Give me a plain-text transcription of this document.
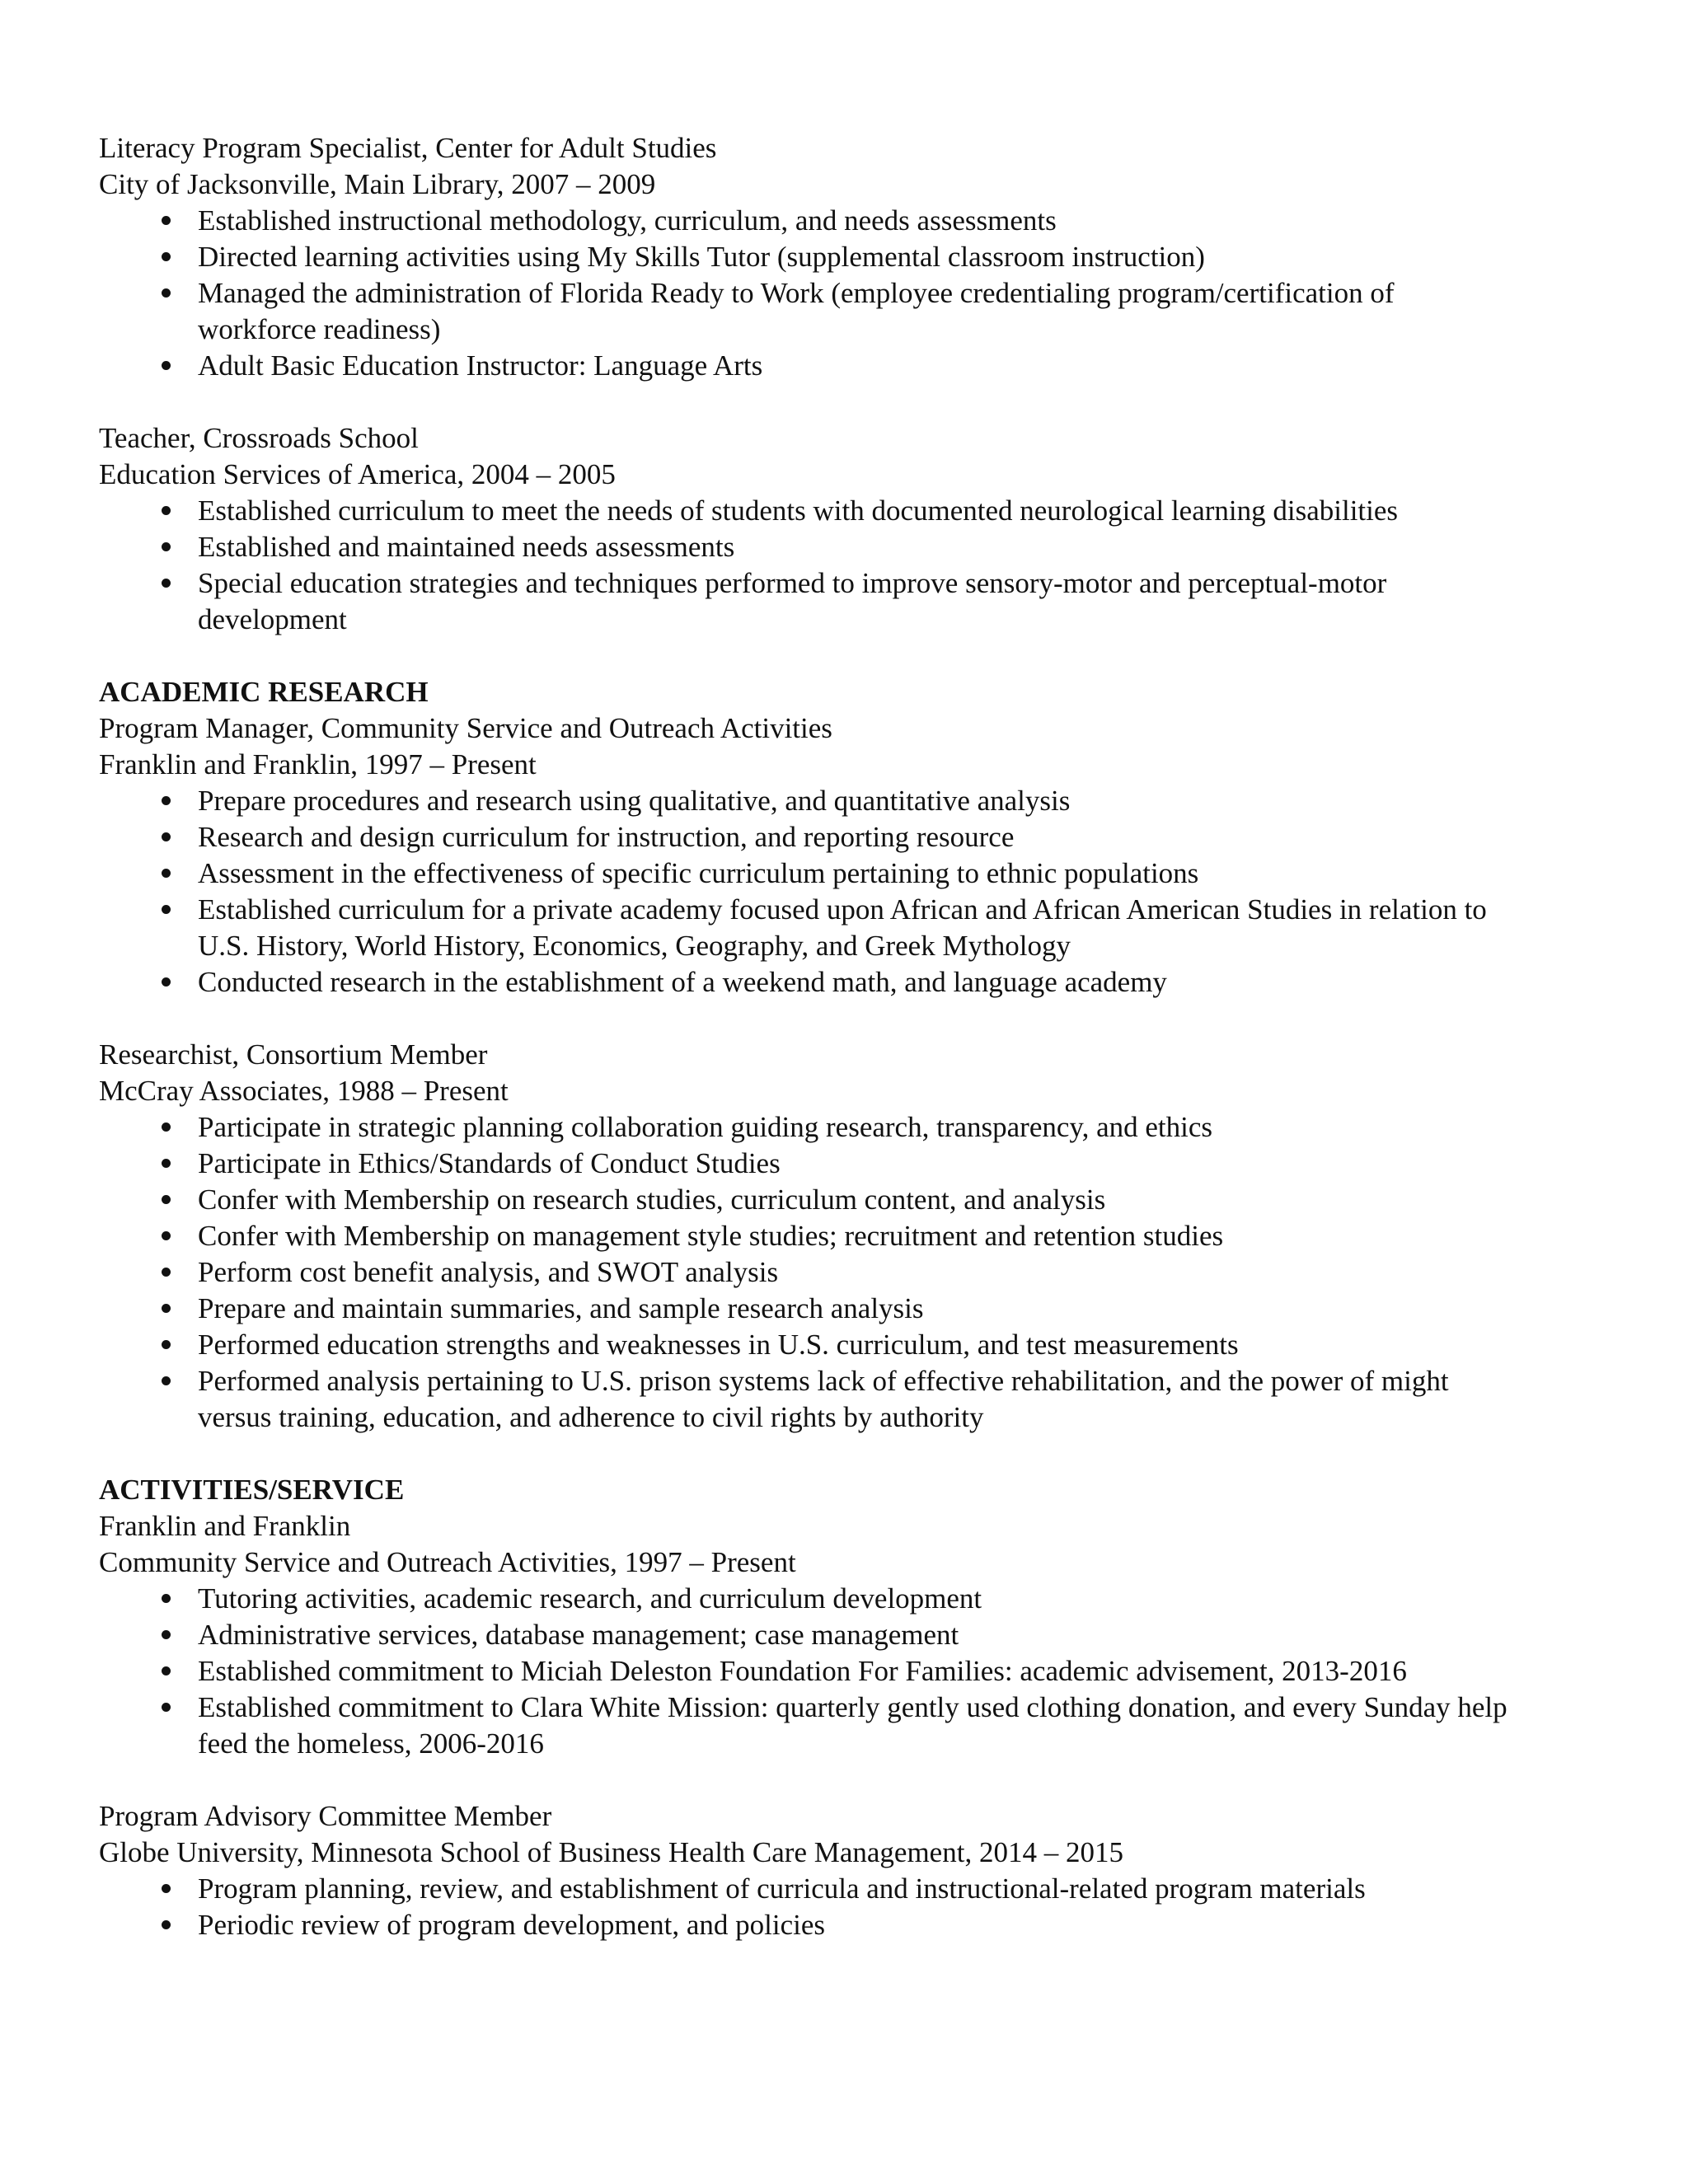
Literacy Program Specialist, Center for Adult Studies
City of Jacksonville, Main Library, 2007 – 2009
Established instructional methodology, curriculum, and needs assessments
Directed learning activities using My Skills Tutor (supplemental classroom instruction)
Managed the administration of Florida Ready to Work (employee credentialing program/certification of
workforce readiness)
Adult Basic Education Instructor: Language Arts
Teacher, Crossroads School
Education Services of America, 2004 – 2005
Established curriculum to meet the needs of students with documented neurological learning disabilities
Established and maintained needs assessments
Special education strategies and techniques performed to improve sensory-motor and perceptual-motor
development
ACADEMIC RESEARCH
Program Manager, Community Service and Outreach Activities
Franklin and Franklin, 1997 – Present
Prepare procedures and research using qualitative, and quantitative analysis
Research and design curriculum for instruction, and reporting resource
Assessment in the effectiveness of specific curriculum pertaining to ethnic populations
Established curriculum for a private academy focused upon African and African American Studies in relation to
U.S. History, World History, Economics, Geography, and Greek Mythology
Conducted research in the establishment of a weekend math, and language academy
Researchist, Consortium Member
McCray Associates, 1988 – Present
Participate in strategic planning collaboration guiding research, transparency, and ethics
Participate in Ethics/Standards of Conduct Studies
Confer with Membership on research studies, curriculum content, and analysis
Confer with Membership on management style studies; recruitment and retention studies
Perform cost benefit analysis, and SWOT analysis
Prepare and maintain summaries, and sample research analysis
Performed education strengths and weaknesses in U.S. curriculum, and test measurements
Performed analysis pertaining to U.S. prison systems lack of effective rehabilitation, and the power of might
versus training, education, and adherence to civil rights by authority
ACTIVITIES/SERVICE
Franklin and Franklin
Community Service and Outreach Activities, 1997 – Present
Tutoring activities, academic research, and curriculum development
Administrative services, database management; case management
Established commitment to Miciah Deleston Foundation For Families: academic advisement, 2013-2016
Established commitment to Clara White Mission: quarterly gently used clothing donation, and every Sunday help
feed the homeless, 2006-2016
Program Advisory Committee Member
Globe University, Minnesota School of Business Health Care Management, 2014 – 2015
Program planning, review, and establishment of curricula and instructional-related program materials
Periodic review of program development, and policies
